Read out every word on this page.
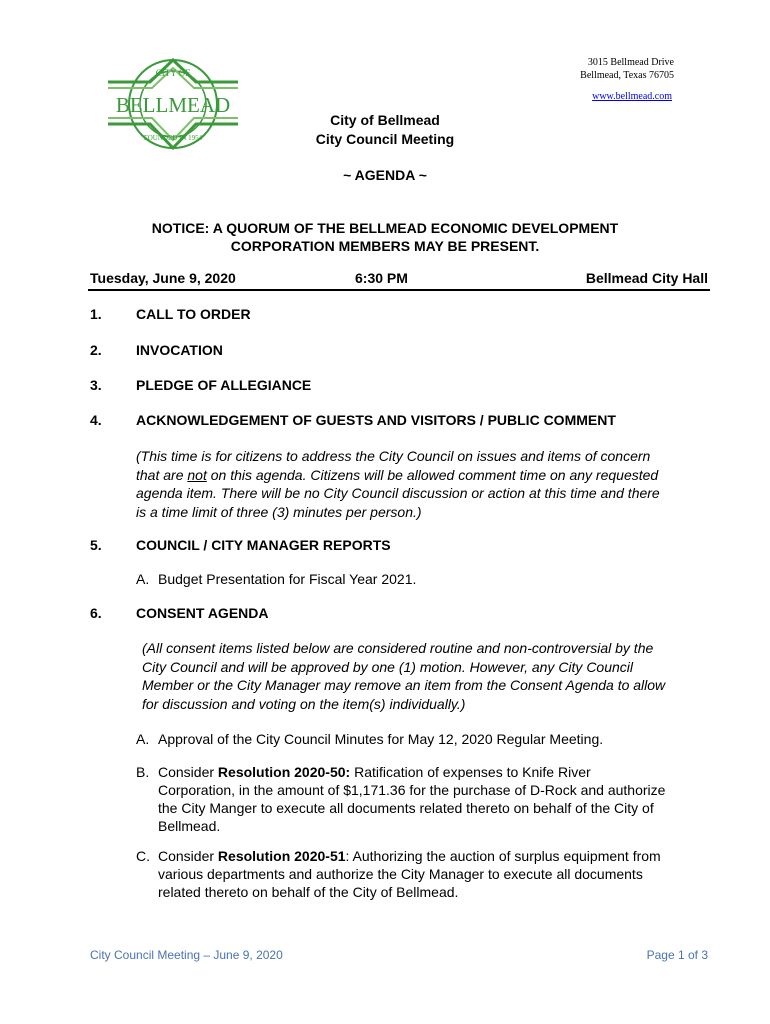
CITY OF
BELLMEAD
FOUNDED IN 1954
3015 Bellmead Drive
Bellmead, Texas 76705
www.bellmead.com
City of Bellmead
City Council Meeting
~ AGENDA ~
NOTICE: A QUORUM OF THE BELLMEAD ECONOMIC DEVELOPMENT
CORPORATION MEMBERS MAY BE PRESENT.
Tuesday, June 9, 2020	6:30 PM	Bellmead City Hall
1. CALL TO ORDER
2. INVOCATION
3. PLEDGE OF ALLEGIANCE
4. ACKNOWLEDGEMENT OF GUESTS AND VISITORS / PUBLIC COMMENT
(This time is for citizens to address the City Council on issues and items of concern
that are not on this agenda. Citizens will be allowed comment time on any requested
agenda item. There will be no City Council discussion or action at this time and there
is a time limit of three (3) minutes per person.)
5. COUNCIL / CITY MANAGER REPORTS
A. Budget Presentation for Fiscal Year 2021.
6. CONSENT AGENDA
(All consent items listed below are considered routine and non-controversial by the
City Council and will be approved by one (1) motion. However, any City Council
Member or the City Manager may remove an item from the Consent Agenda to allow
for discussion and voting on the item(s) individually.)
A. Approval of the City Council Minutes for May 12, 2020 Regular Meeting.
B. Consider Resolution 2020-50: Ratification of expenses to Knife River
Corporation, in the amount of $1,171.36 for the purchase of D-Rock and authorize
the City Manger to execute all documents related thereto on behalf of the City of
Bellmead.
C. Consider Resolution 2020-51: Authorizing the auction of surplus equipment from
various departments and authorize the City Manager to execute all documents
related thereto on behalf of the City of Bellmead.
City Council Meeting – June 9, 2020	Page 1 of 3
